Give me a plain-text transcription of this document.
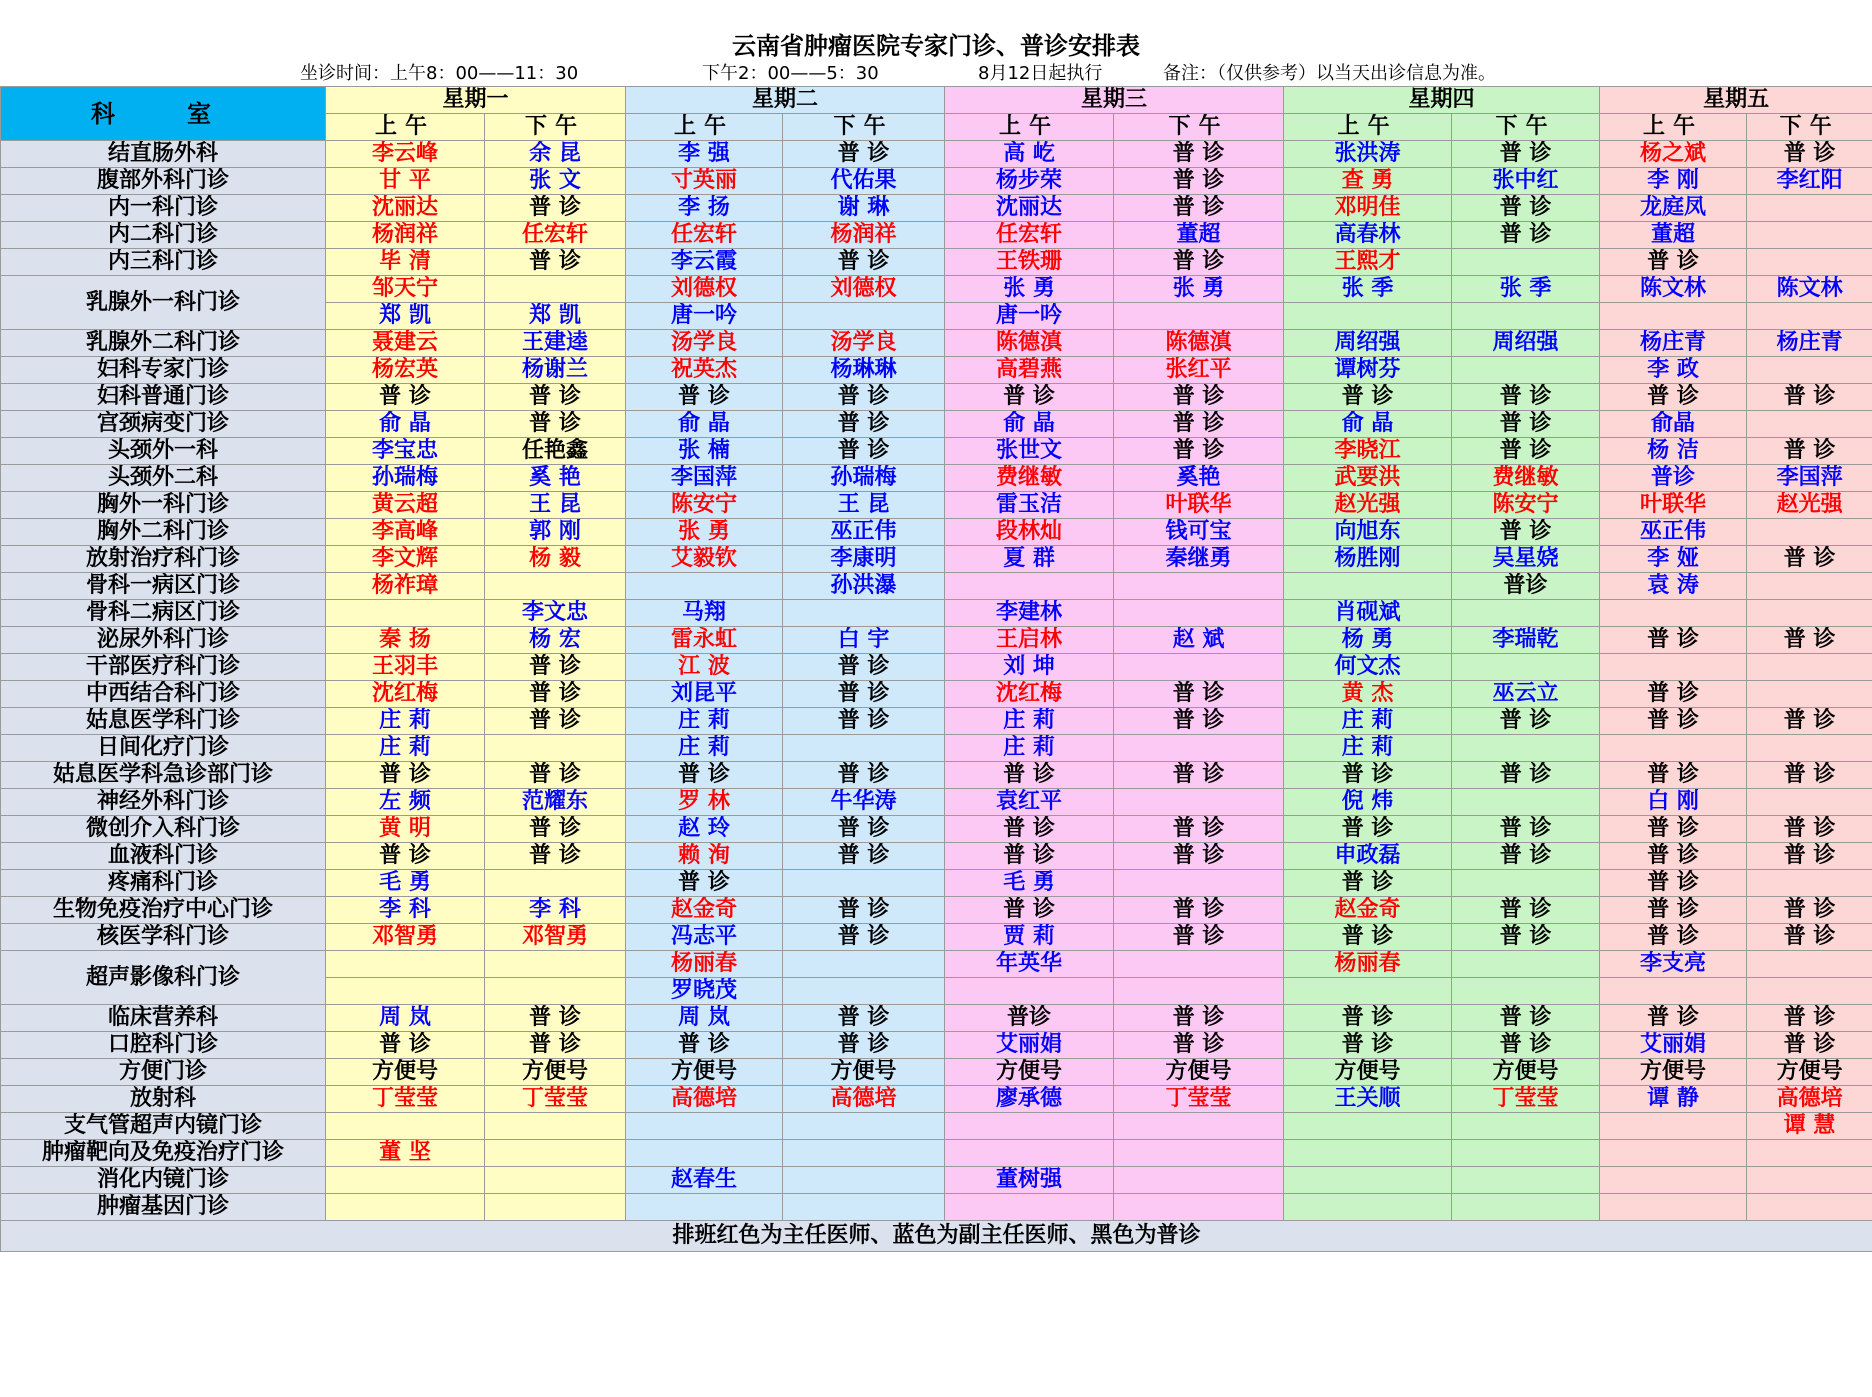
云南省肿瘤医院专家门诊、普诊安排表
坐诊时间：上午8：00——11：30	下午2：00——5：30	8月12日起执行	备注：（仅供参考）以当天出诊信息为准。
科　室	星期一		星期二		星期三		星期四		星期五	
	上午	下午	上午	下午	上午	下午	上午	下午	上午	下午
结直肠外科	李云峰	余 昆	李 强	普 诊	高 屹	普 诊	张洪涛	普 诊	杨之斌	普 诊
腹部外科门诊	甘 平	张 文	寸英丽	代佑果	杨步荣	普 诊	查 勇	张中红	李 刚	李红阳
内一科门诊	沈丽达	普 诊	李 扬	谢 琳	沈丽达	普 诊	邓明佳	普 诊	龙庭凤	
内二科门诊	杨润祥	任宏轩	任宏轩	杨润祥	任宏轩	董超	高春林	普 诊	董超	
内三科门诊	毕 清	普 诊	李云霞	普 诊	王铁珊	普 诊	王熙才		普 诊	
乳腺外一科门诊	邹天宁		刘德权	刘德权	张 勇	张 勇	张 季	张 季	陈文林	陈文林
	郑 凯	郑 凯	唐一吟		唐一吟					
乳腺外二科门诊	聂建云	王建逵	汤学良	汤学良	陈德滇	陈德滇	周绍强	周绍强	杨庄青	杨庄青
妇科专家门诊	杨宏英	杨谢兰	祝英杰	杨琳琳	高碧燕	张红平	谭树芬		李 政	
妇科普通门诊	普 诊	普 诊	普 诊	普 诊	普 诊	普 诊	普 诊	普 诊	普 诊	普 诊
宫颈病变门诊	俞 晶	普 诊	俞 晶	普 诊	俞 晶	普 诊	俞 晶	普 诊	俞晶	
头颈外一科	李宝忠	任艳鑫	张 楠	普 诊	张世文	普 诊	李晓江	普 诊	杨 洁	普 诊
头颈外二科	孙瑞梅	奚 艳	李国萍	孙瑞梅	费继敏	奚艳	武要洪	费继敏	普诊	李国萍
胸外一科门诊	黄云超	王 昆	陈安宁	王 昆	雷玉洁	叶联华	赵光强	陈安宁	叶联华	赵光强
胸外二科门诊	李高峰	郭 刚	张 勇	巫正伟	段林灿	钱可宝	向旭东	普 诊	巫正伟	
放射治疗科门诊	李文辉	杨 毅	艾毅钦	李康明	夏 群	秦继勇	杨胜刚	吴星娆	李 娅	普 诊
骨科一病区门诊	杨祚璋			孙洪瀑				普诊	袁 涛	
骨科二病区门诊		李文忠	马翔		李建林		肖砚斌			
泌尿外科门诊	秦 扬	杨 宏	雷永虹	白 宇	王启林	赵 斌	杨 勇	李瑞乾	普 诊	普 诊
干部医疗科门诊	王羽丰	普 诊	江 波	普 诊	刘 坤		何文杰			
中西结合科门诊	沈红梅	普 诊	刘昆平	普 诊	沈红梅	普 诊	黄 杰	巫云立	普 诊	
姑息医学科门诊	庄 莉	普 诊	庄 莉	普 诊	庄 莉	普 诊	庄 莉	普 诊	普 诊	普 诊
日间化疗门诊	庄 莉		庄 莉		庄 莉		庄 莉			
姑息医学科急诊部门诊	普 诊	普 诊	普 诊	普 诊	普 诊	普 诊	普 诊	普 诊	普 诊	普 诊
神经外科门诊	左 频	范耀东	罗 林	牛华涛	袁红平		倪 炜		白 刚	
微创介入科门诊	黄 明	普 诊	赵 玲	普 诊	普 诊	普 诊	普 诊	普 诊	普 诊	普 诊
血液科门诊	普 诊	普 诊	赖 洵	普 诊	普 诊	普 诊	申政磊	普 诊	普 诊	普 诊
疼痛科门诊	毛 勇		普 诊		毛 勇		普 诊		普 诊	
生物免疫治疗中心门诊	李 科	李 科	赵金奇	普 诊	普 诊	普 诊	赵金奇	普 诊	普 诊	普 诊
核医学科门诊	邓智勇	邓智勇	冯志平	普 诊	贾 莉	普 诊	普 诊	普 诊	普 诊	普 诊
超声影像科门诊			杨丽春		年英华		杨丽春		李支亮	
			罗晓茂							
临床营养科	周 岚	普 诊	周 岚	普 诊	普诊	普 诊	普 诊	普 诊	普 诊	普 诊
口腔科门诊	普 诊	普 诊	普 诊	普 诊	艾丽娟	普 诊	普 诊	普 诊	艾丽娟	普 诊
方便门诊	方便号	方便号	方便号	方便号	方便号	方便号	方便号	方便号	方便号	方便号
放射科	丁莹莹	丁莹莹	高德培	高德培	廖承德	丁莹莹	王关顺	丁莹莹	谭 静	高德培
支气管超声内镜门诊										谭 慧
肿瘤靶向及免疫治疗门诊	董 坚									
消化内镜门诊			赵春生		董树强					
肿瘤基因门诊										
排班红色为主任医师、蓝色为副主任医师、黑色为普诊										
